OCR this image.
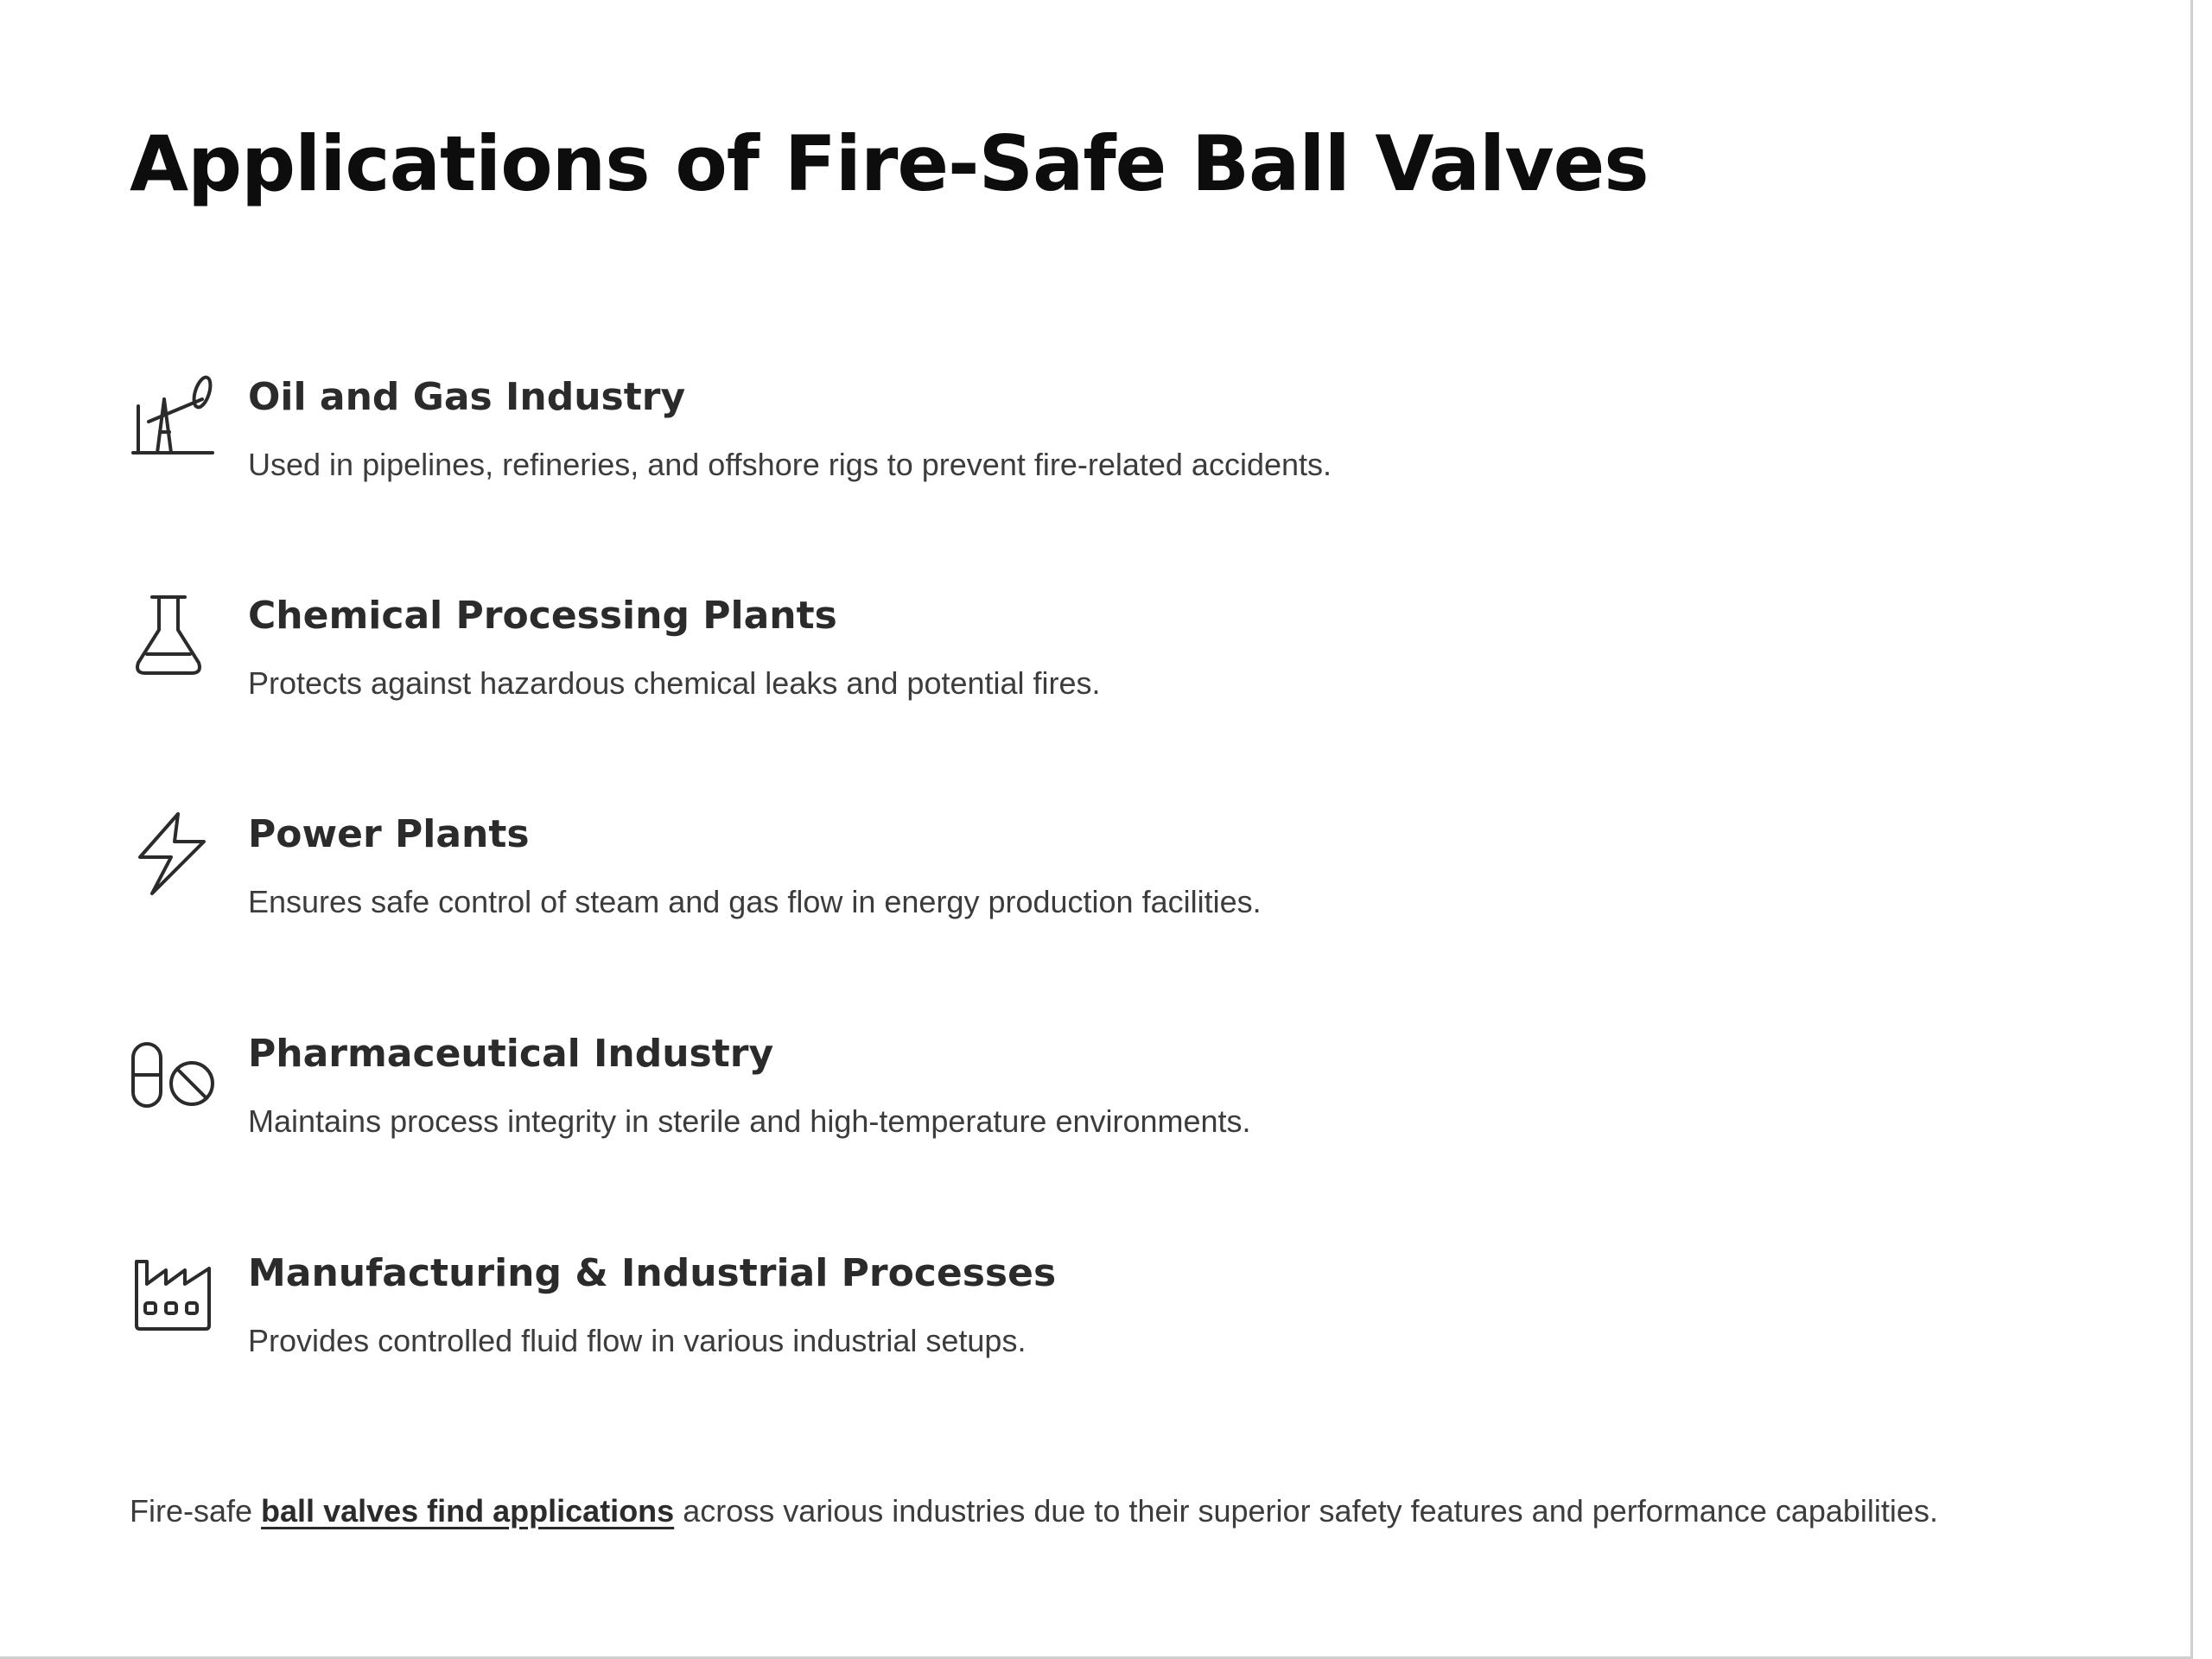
Applications of Fire-Safe Ball Valves
Oil and Gas Industry

Used in pipelines, refineries, and offshore rigs to prevent fire-related accidents.

Chemical Processing Plants

Protects against hazardous chemical leaks and potential fires.

Power Plants

Ensures safe control of steam and gas flow in energy production facilities.

Pharmaceutical Industry

Maintains process integrity in sterile and high-temperature environments.

Manufacturing & Industrial Processes

Provides controlled fluid flow in various industrial setups.

Fire-safe ball valves find applications across various industries due to their superior safety features and performance capabilities.
